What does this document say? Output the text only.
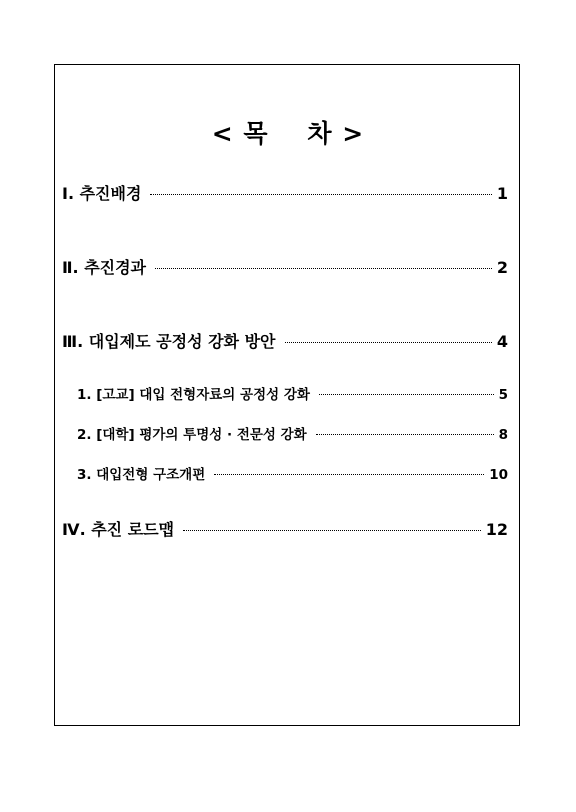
< 목    차 >
Ⅰ. 추진배경	1
Ⅱ. 추진경과	2
Ⅲ. 대입제도 공정성 강화 방안	4
1. [고교] 대입 전형자료의 공정성 강화	5
2. [대학] 평가의 투명성 · 전문성 강화	8
3. 대입전형 구조개편	10
Ⅳ. 추진 로드맵	12
